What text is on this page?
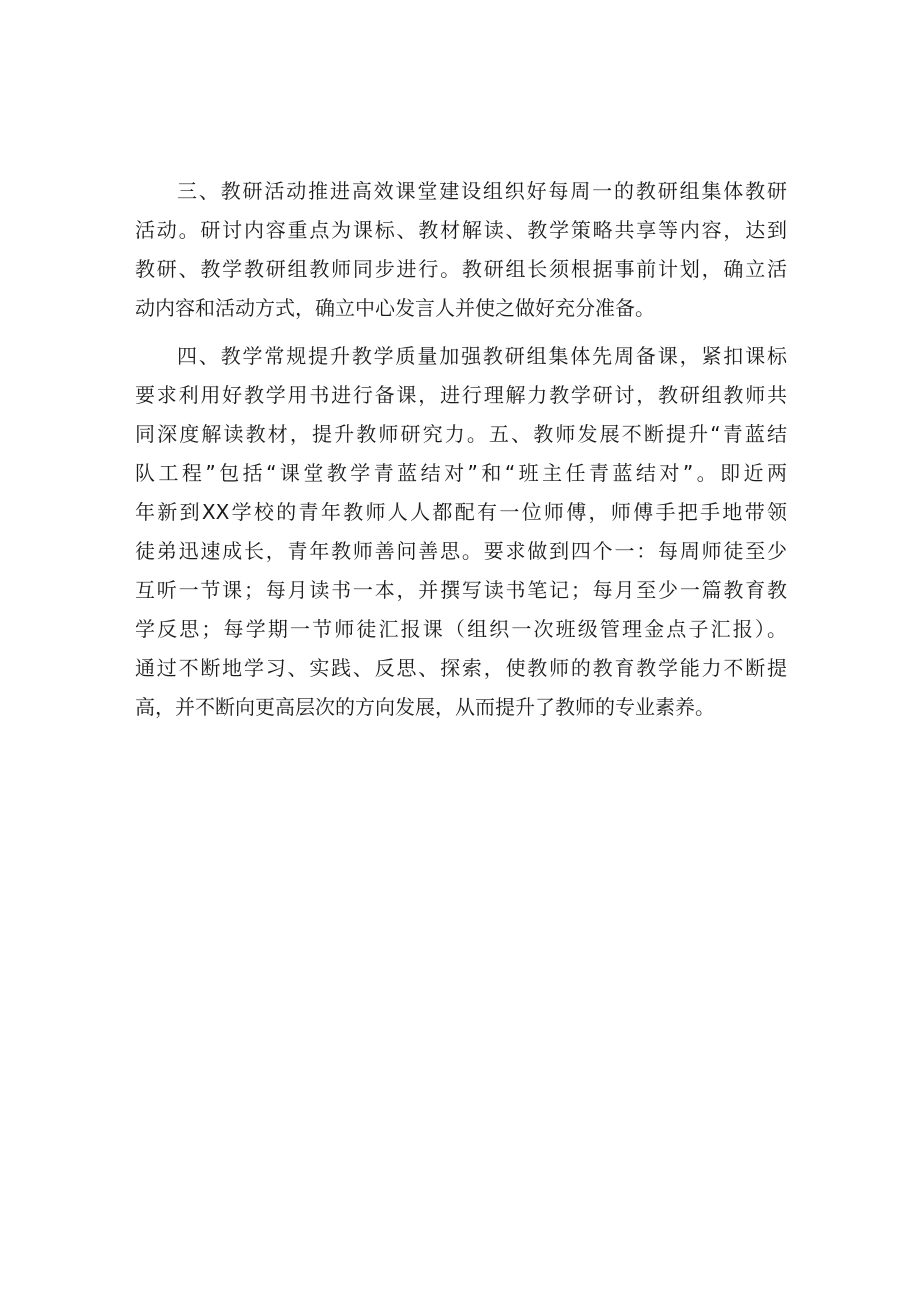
三、教研活动推进高效课堂建设组织好每周一的教研组集体教研
活动。研讨内容重点为课标、教材解读、教学策略共享等内容，达到
教研、教学教研组教师同步进行。教研组长须根据事前计划，确立活
动内容和活动方式，确立中心发言人并使之做好充分准备。
四、教学常规提升教学质量加强教研组集体先周备课，紧扣课标
要求利用好教学用书进行备课，进行理解力教学研讨，教研组教师共
同深度解读教材，提升教师研究力。五、教师发展不断提升“青蓝结
队工程”包括“课堂教学青蓝结对”和“班主任青蓝结对”。即近两
年新到XX学校的青年教师人人都配有一位师傅，师傅手把手地带领
徒弟迅速成长，青年教师善问善思。要求做到四个一：每周师徒至少
互听一节课；每月读书一本，并撰写读书笔记；每月至少一篇教育教
学反思；每学期一节师徒汇报课（组织一次班级管理金点子汇报）。
通过不断地学习、实践、反思、探索，使教师的教育教学能力不断提
高，并不断向更高层次的方向发展，从而提升了教师的专业素养。
